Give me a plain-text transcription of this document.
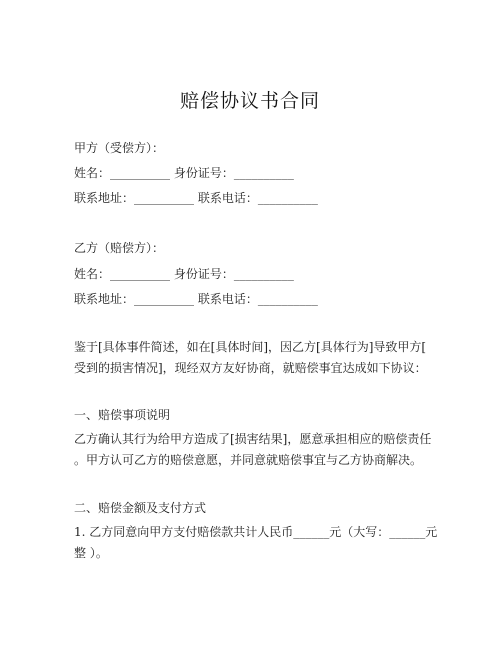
赔偿协议书合同
甲方（受偿方）：
姓名：__________ 身份证号：__________
联系地址：__________ 联系电话：__________
乙方（赔偿方）：
姓名：__________ 身份证号：__________
联系地址：__________ 联系电话：__________
鉴于[具体事件简述，如在[具体时间]，因乙方[具体行为]导致甲方[
受到的损害情况]，现经双方友好协商，就赔偿事宜达成如下协议：
一、赔偿事项说明
乙方确认其行为给甲方造成了[损害结果]，愿意承担相应的赔偿责任
。甲方认可乙方的赔偿意愿，并同意就赔偿事宜与乙方协商解决。
二、赔偿金额及支付方式
1. 乙方同意向甲方支付赔偿款共计人民币______元（大写：______元
整 ）。
